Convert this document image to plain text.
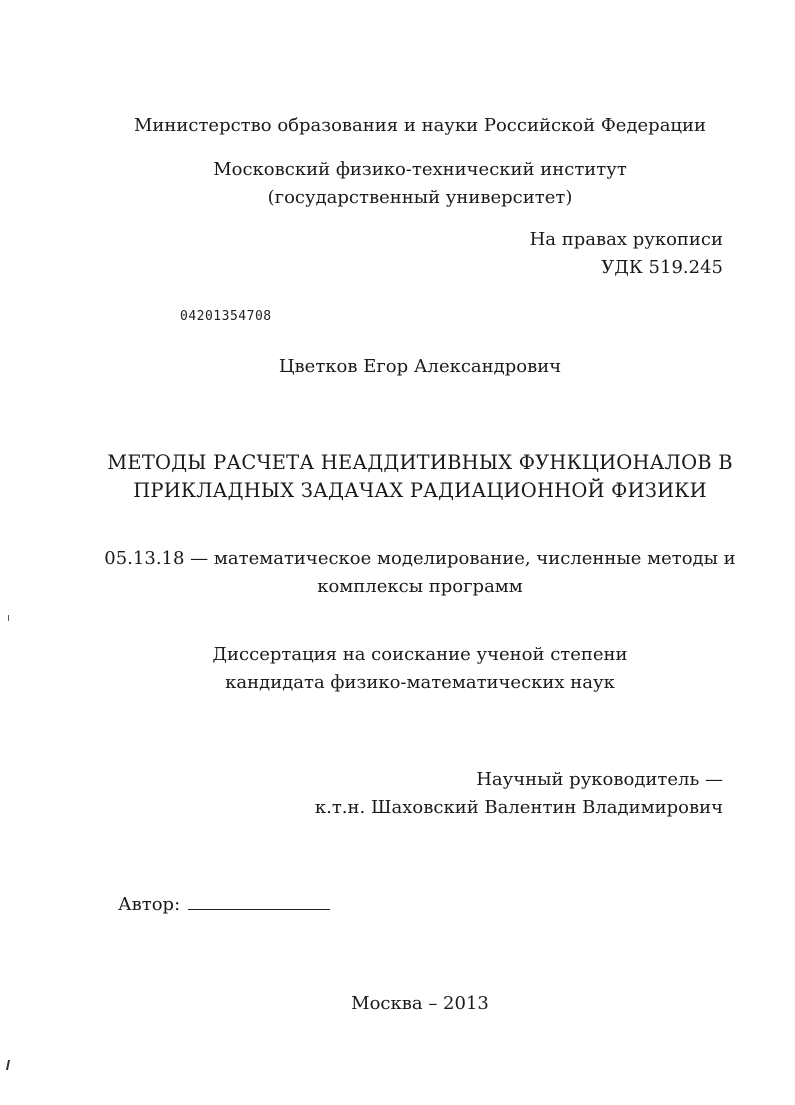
Министерство образования и науки Российской Федерации
Московский физико-технический институт
(государственный университет)
На правах рукописи
УДК 519.245
04201354708
Цветков Егор Александрович
МЕТОДЫ РАСЧЕТА НЕАДДИТИВНЫХ ФУНКЦИОНАЛОВ В
ПРИКЛАДНЫХ ЗАДАЧАХ РАДИАЦИОННОЙ ФИЗИКИ
05.13.18 — математическое моделирование, численные методы и
комплексы программ
Диссертация на соискание ученой степени
кандидата физико-математических наук
Научный руководитель —
к.т.н. Шаховский Валентин Владимирович
Автор:
Москва – 2013
